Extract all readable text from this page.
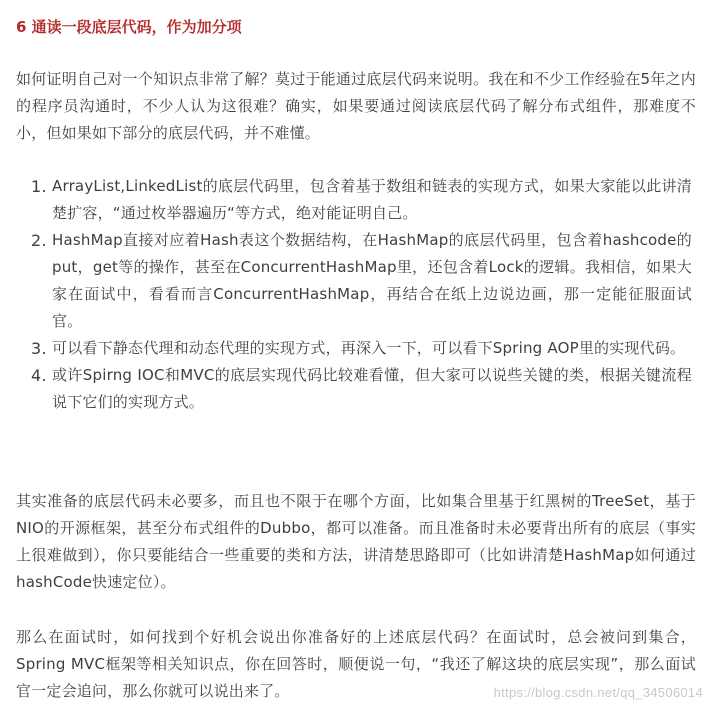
6 通读一段底层代码，作为加分项

如何证明自己对一个知识点非常了解？莫过于能通过底层代码来说明。我在和不少工作经验在5年之内的程序员沟通时，不少人认为这很难？确实，如果要通过阅读底层代码了解分布式组件，那难度不小，但如果如下部分的底层代码，并不难懂。

1. ArrayList,LinkedList的底层代码里，包含着基于数组和链表的实现方式，如果大家能以此讲清楚扩容，“通过枚举器遍历“等方式，绝对能证明自己。
2. HashMap直接对应着Hash表这个数据结构，在HashMap的底层代码里，包含着hashcode的put，get等的操作，甚至在ConcurrentHashMap里，还包含着Lock的逻辑。我相信，如果大家在面试中，看看而言ConcurrentHashMap，再结合在纸上边说边画，那一定能征服面试官。
3. 可以看下静态代理和动态代理的实现方式，再深入一下，可以看下Spring AOP里的实现代码。
4. 或许Spirng IOC和MVC的底层实现代码比较难看懂，但大家可以说些关键的类，根据关键流程说下它们的实现方式。

其实准备的底层代码未必要多，而且也不限于在哪个方面，比如集合里基于红黑树的TreeSet，基于NIO的开源框架，甚至分布式组件的Dubbo，都可以准备。而且准备时未必要背出所有的底层（事实上很难做到），你只要能结合一些重要的类和方法，讲清楚思路即可（比如讲清楚HashMap如何通过hashCode快速定位）。

那么在面试时，如何找到个好机会说出你准备好的上述底层代码？在面试时，总会被问到集合，Spring MVC框架等相关知识点，你在回答时，顺便说一句，“我还了解这块的底层实现”，那么面试官一定会追问，那么你就可以说出来了。	https://blog.csdn.net/qq_34506014
